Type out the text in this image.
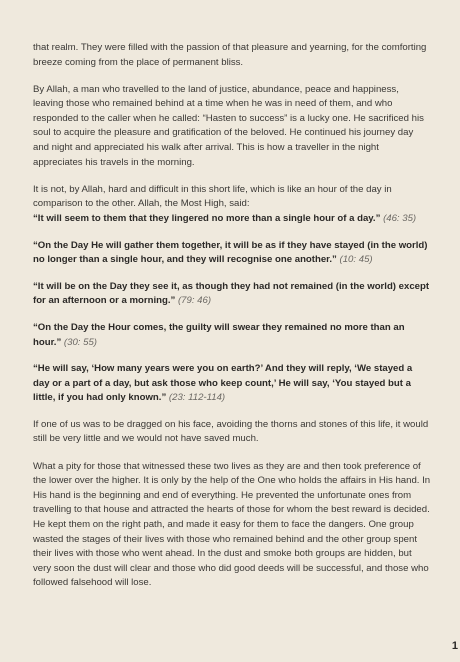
that realm. They were filled with the passion of that pleasure and yearning, for the comforting breeze coming from the place of permanent bliss.

By Allah, a man who travelled to the land of justice, abundance, peace and happiness, leaving those who remained behind at a time when he was in need of them, and who responded to the caller when he called: “Hasten to success” is a lucky one. He sacrificed his soul to acquire the pleasure and gratification of the beloved. He continued his journey day and night and appreciated his walk after arrival. This is how a traveller in the night appreciates his travels in the morning.

It is not, by Allah, hard and difficult in this short life, which is like an hour of the day in comparison to the other. Allah, the Most High, said:

“It will seem to them that they lingered no more than a single hour of a day.” (46: 35)

“On the Day He will gather them together, it will be as if they have stayed (in the world) no longer than a single hour, and they will recognise one another.” (10: 45)

“It will be on the Day they see it, as though they had not remained (in the world) except for an afternoon or a morning.” (79: 46)

“On the Day the Hour comes, the guilty will swear they remained no more than an hour.” (30: 55)

“He will say, ‘How many years were you on earth?’ And they will reply, ‘We stayed a day or a part of a day, but ask those who keep count,’ He will say, ‘You stayed but a little, if you had only known.” (23: 112-114)

If one of us was to be dragged on his face, avoiding the thorns and stones of this life, it would still be very little and we would not have saved much.

What a pity for those that witnessed these two lives as they are and then took preference of the lower over the higher. It is only by the help of the One who holds the affairs in His hand. In His hand is the beginning and end of everything. He prevented the unfortunate ones from travelling to that house and attracted the hearts of those for whom the best reward is decided. He kept them on the right path, and made it easy for them to face the dangers. One group wasted the stages of their lives with those who remained behind and the other group spent their lives with those who went ahead. In the dust and smoke both groups are hidden, but very soon the dust will clear and those who did good deeds will be successful, and those who followed falsehood will lose.

1
